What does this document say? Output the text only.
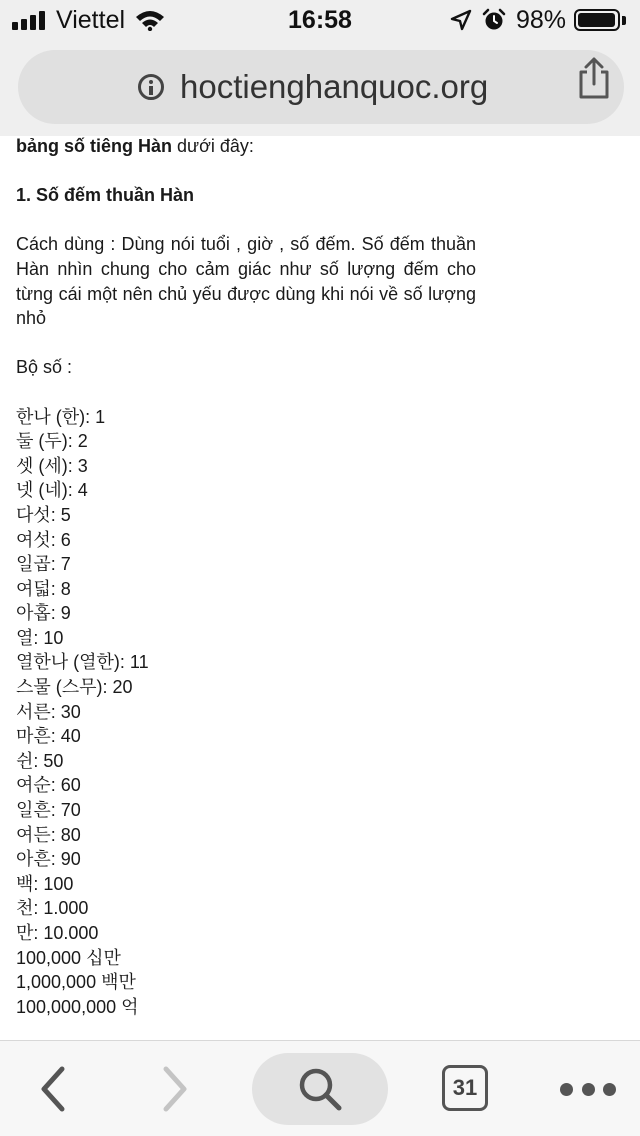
Viettel	16:58	98%
hoctienghanquoc.org

bảng số tiêng Hàn dưới đây:

1. Số đếm thuần Hàn

Cách dùng : Dùng nói tuổi , giờ , số đếm. Số đếm thuần Hàn nhìn chung cho cảm giác như số lượng đếm cho từng cái một nên chủ yếu được dùng khi nói về số lượng nhỏ

Bộ số :

한나 (한): 1

둘 (두): 2

셋 (세): 3

넷 (네): 4

다섯: 5

여섯: 6

일곱: 7

여덟: 8

아홉: 9

열: 10

열한나 (열한): 11

스물 (스무): 20

서른: 30

마흔: 40

쉰: 50

여순: 60

일흔: 70

여든: 80

아흔: 90

백: 100

천: 1.000

만: 10.000

100,000 십만

1,000,000 백만

100,000,000 억

31
